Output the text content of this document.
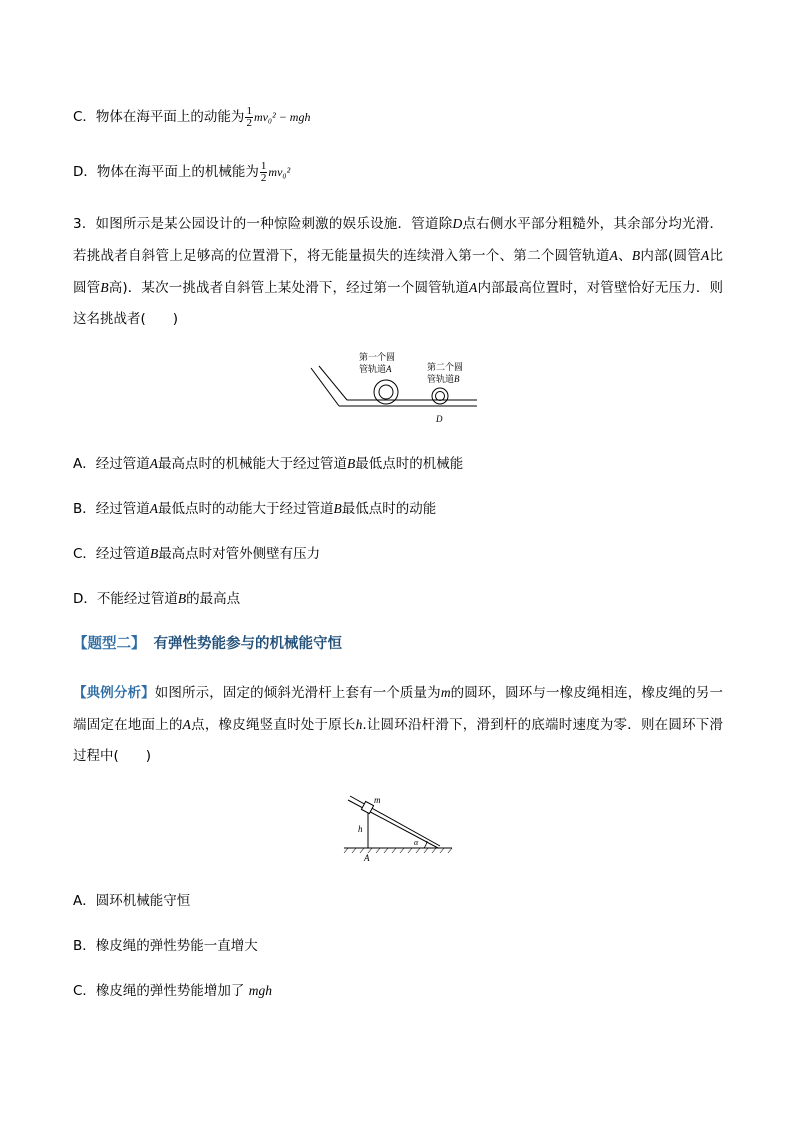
C．物体在海平面上的动能为 $\frac{1}{2} mv_0^2$ − mgh
D．物体在海平面上的机械能为 $\frac{1}{2} mv_0^2$
3．如图所示是某公园设计的一种惊险刺激的娱乐设施．管道除D点右侧水平部分粗糙外，其余部分均光滑．若挑战者自斜管上足够高的位置滑下，将无能量损失的连续滑入第一个、第二个圆管轨道A、B内部(圆管A比圆管B高)．某次一挑战者自斜管上某处滑下，经过第一个圆管轨道A内部最高位置时，对管壁恰好无压力．则这名挑战者(　　)
第一个圆
管轨道A	第二个圆
管轨道B
D
A．经过管道A最高点时的机械能大于经过管道B最低点时的机械能
B．经过管道A最低点时的动能大于经过管道B最低点时的动能
C．经过管道B最高点时对管外侧壁有压力
D．不能经过管道B的最高点
【题型二】 有弹性势能参与的机械能守恒
【典例分析】如图所示，固定的倾斜光滑杆上套有一个质量为m的圆环，圆环与一橡皮绳相连，橡皮绳的另一端固定在地面上的A点，橡皮绳竖直时处于原长h.让圆环沿杆滑下，滑到杆的底端时速度为零．则在圆环下滑过程中(　　)
m
h
α
A
A．圆环机械能守恒
B．橡皮绳的弹性势能一直增大
C．橡皮绳的弹性势能增加了 mgh
